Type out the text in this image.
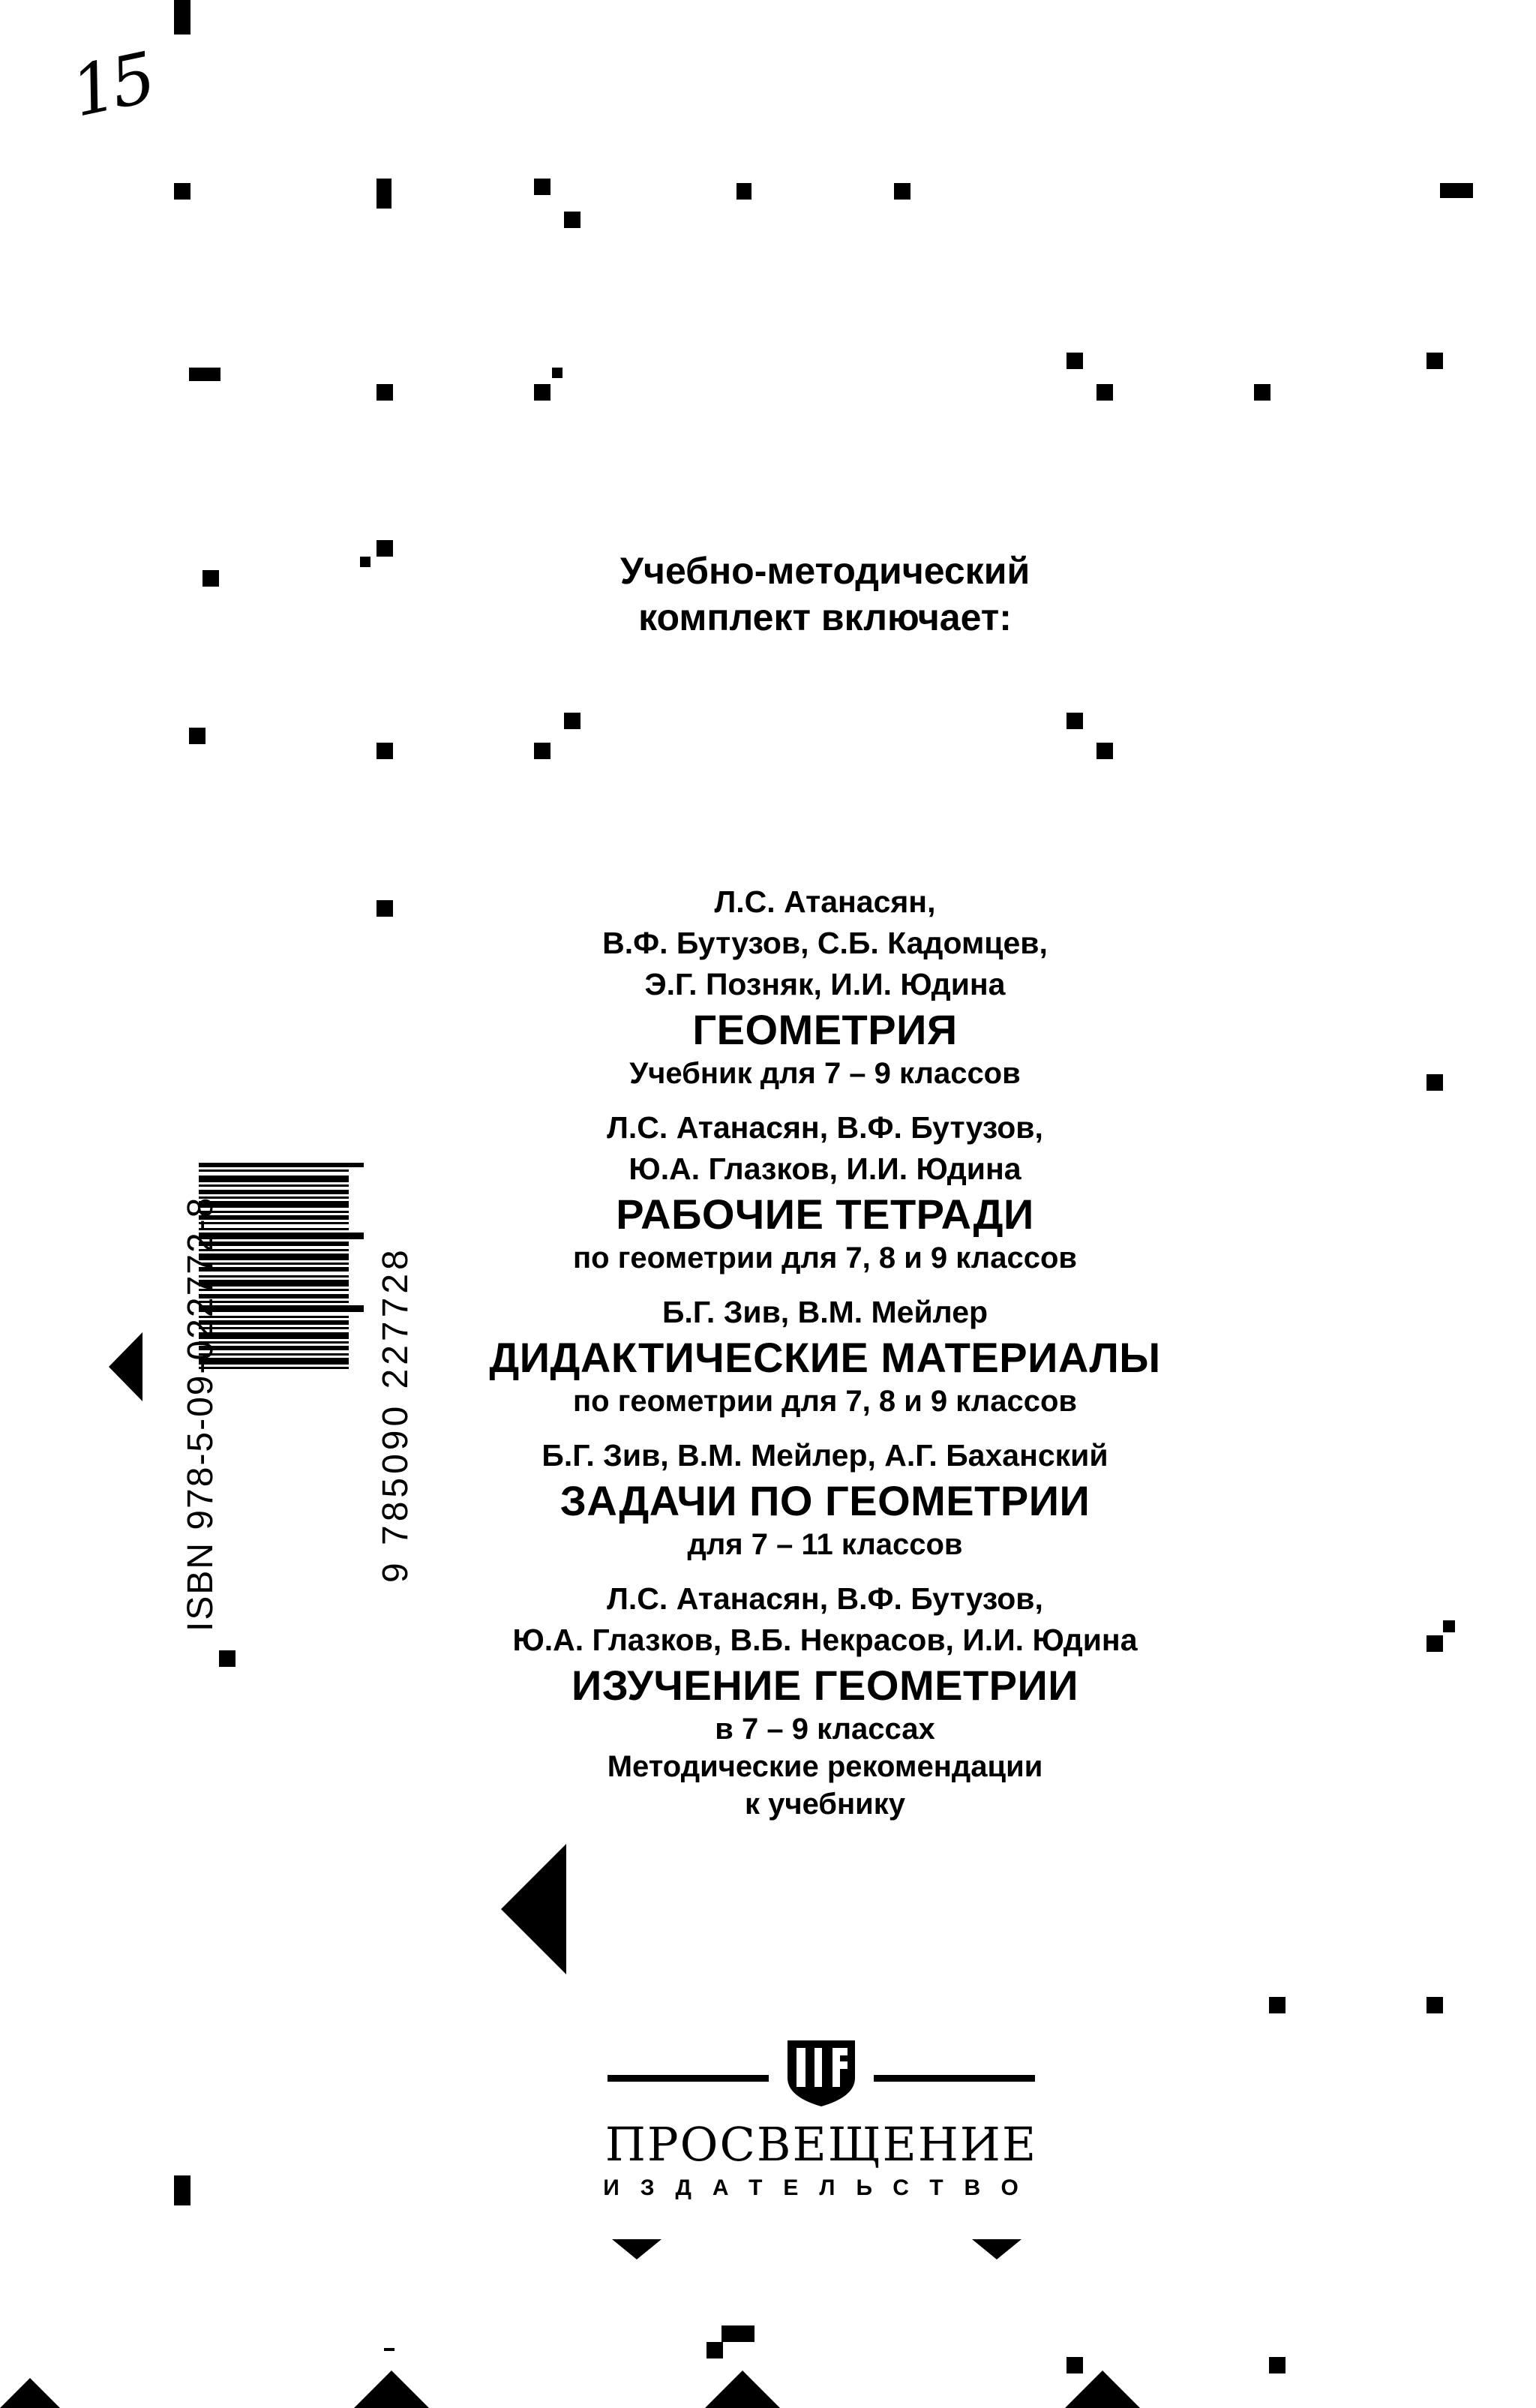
15
Учебно-методический
комплект включает:
Л.С. Атанасян,
В.Ф. Бутузов, С.Б. Кадомцев,
Э.Г. Позняк, И.И. Юдина
ГЕОМЕТРИЯ
Учебник для 7 – 9 классов
Л.С. Атанасян, В.Ф. Бутузов,
Ю.А. Глазков, И.И. Юдина
РАБОЧИЕ ТЕТРАДИ
по геометрии для 7, 8 и 9 классов
Б.Г. Зив, В.М. Мейлер
ДИДАКТИЧЕСКИЕ МАТЕРИАЛЫ
по геометрии для 7, 8 и 9 классов
Б.Г. Зив, В.М. Мейлер, А.Г. Баханский
ЗАДАЧИ ПО ГЕОМЕТРИИ
для 7 – 11 классов
Л.С. Атанасян, В.Ф. Бутузов,
Ю.А. Глазков, В.Б. Некрасов, И.И. Юдина
ИЗУЧЕНИЕ ГЕОМЕТРИИ
в 7 – 9 классах
Методические рекомендации
к учебнику
ISBN 978-5-09-022772-8	9 785090 227728
ПРОСВЕЩЕНИЕ
ИЗДАТЕЛЬСТВО
